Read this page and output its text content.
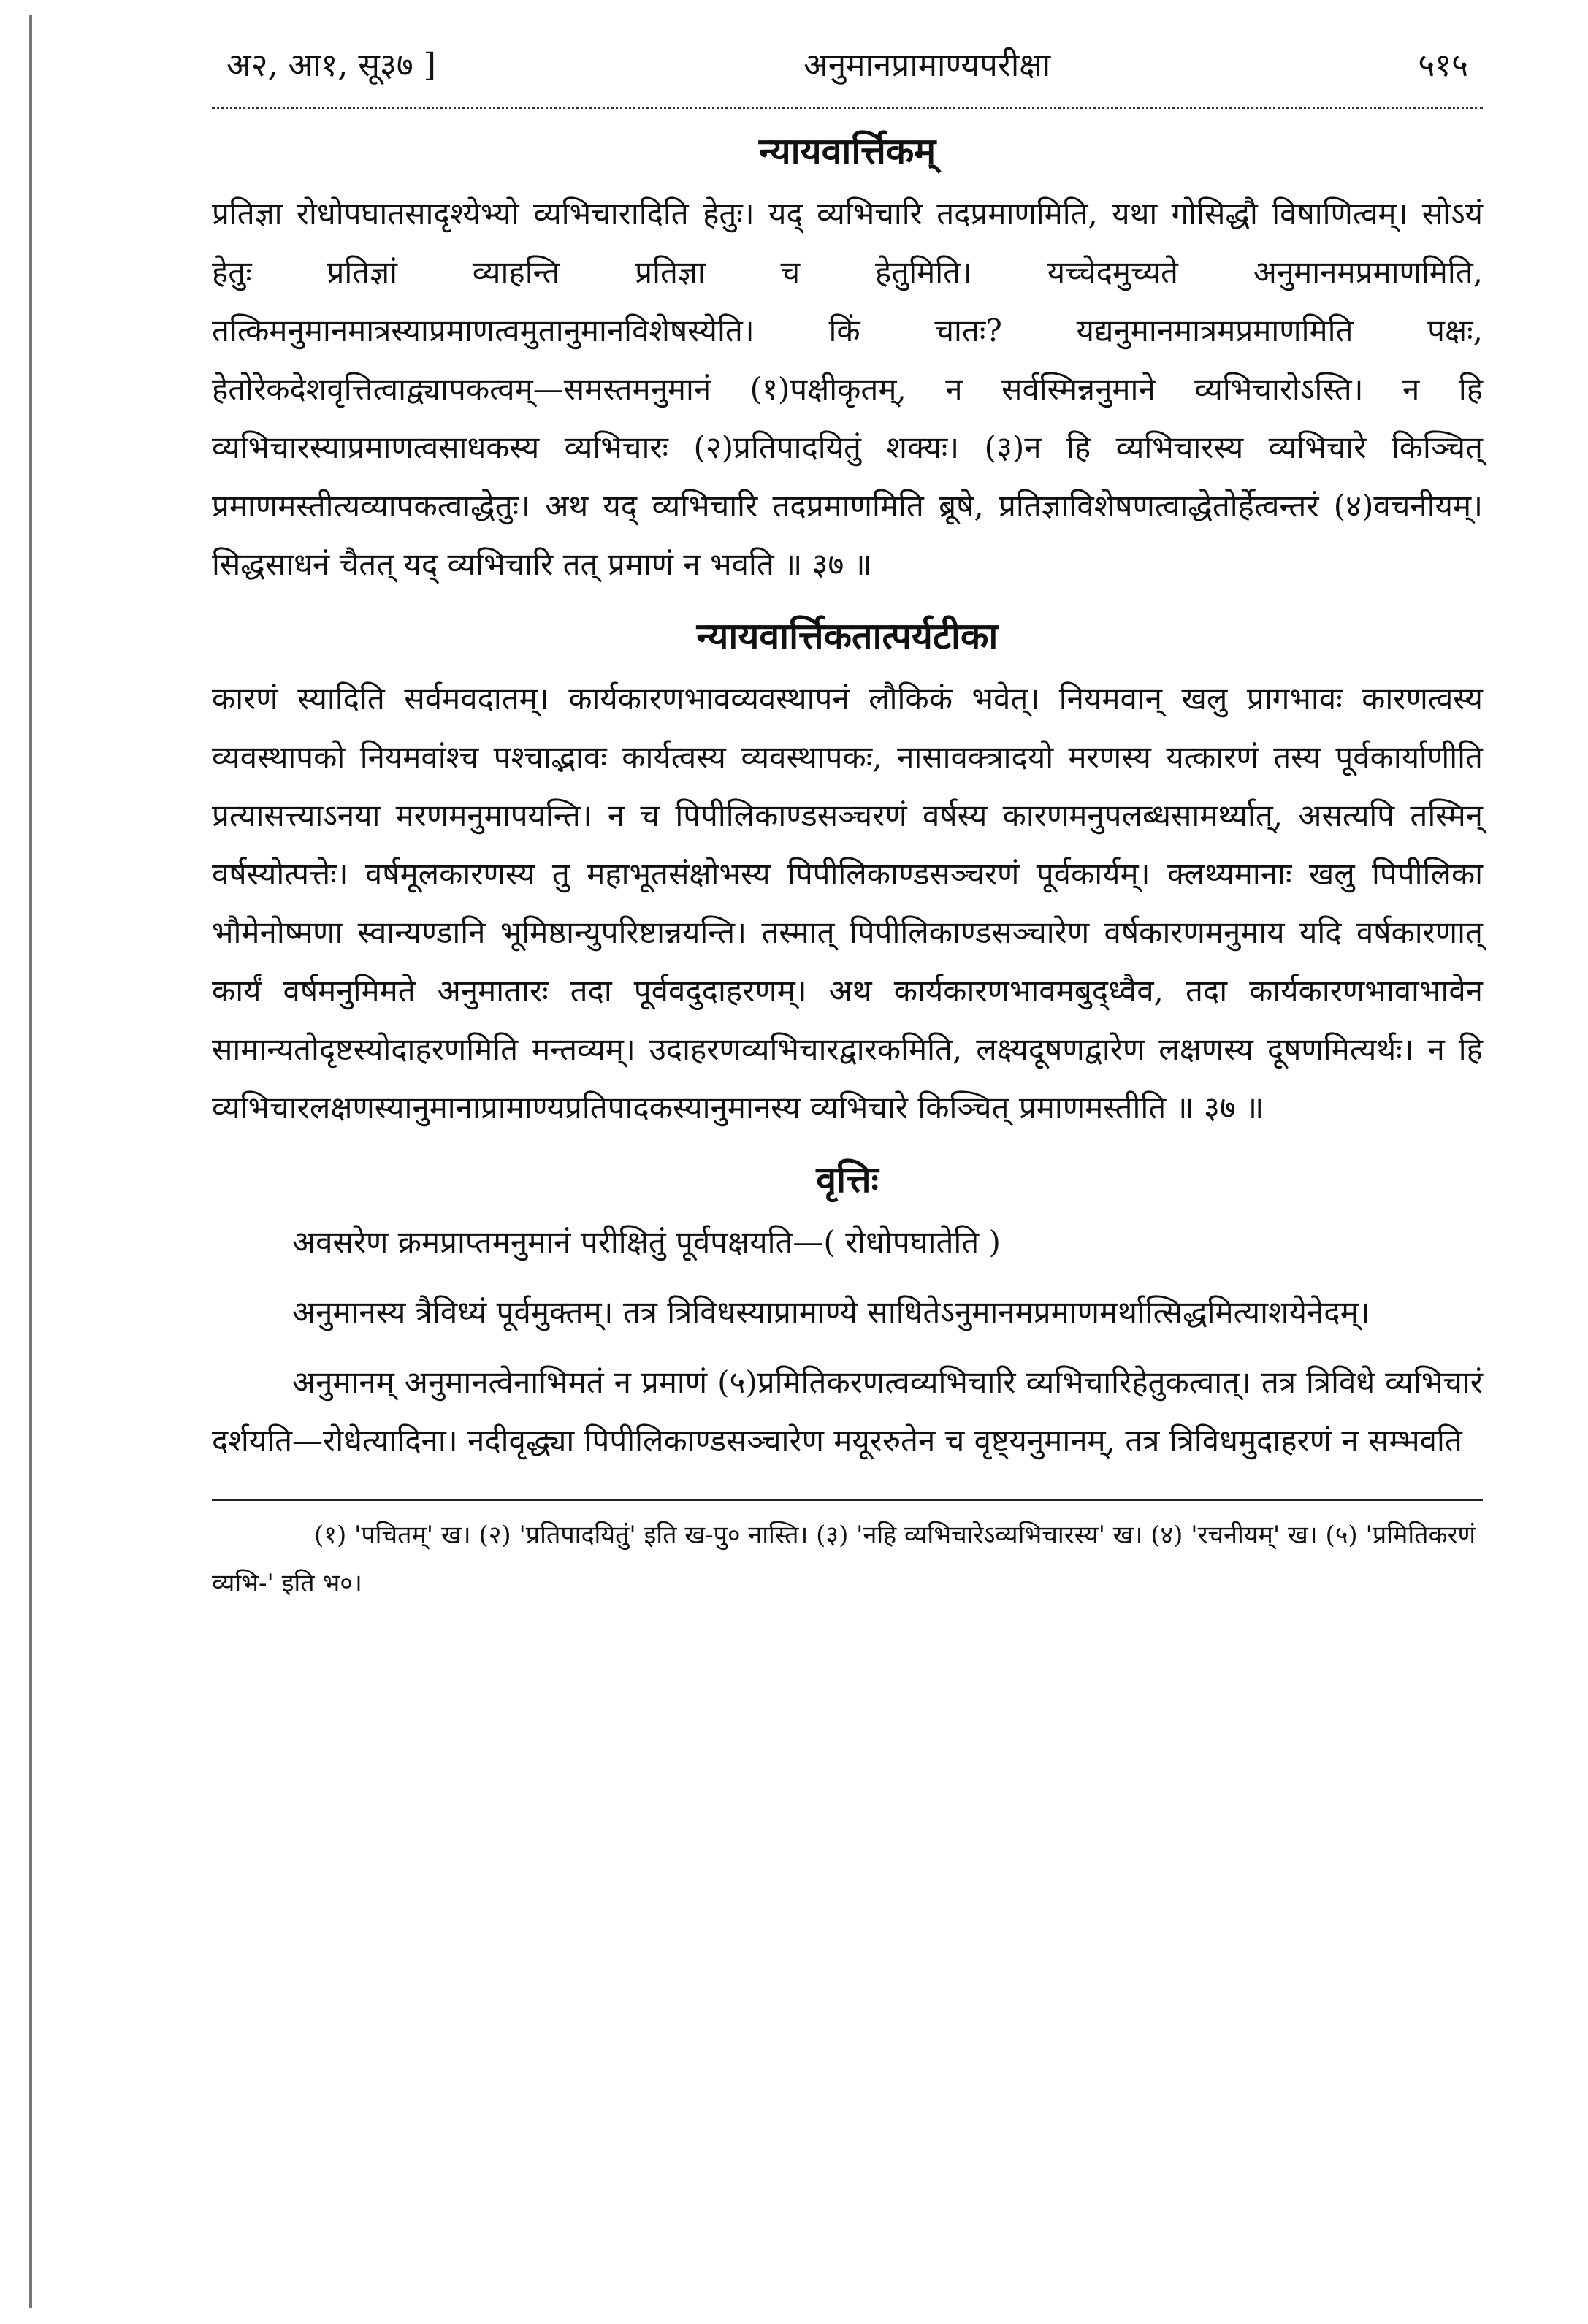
अ२, आ१, सू३७ ]	अनुमानप्रामाण्यपरीक्षा	५१५
न्यायवार्त्तिकम्

प्रतिज्ञा रोधोपघातसादृश्येभ्यो व्यभिचारादिति हेतुः। यद् व्यभिचारि तदप्रमाणमिति, यथा गोसिद्धौ विषाणित्वम्। सोऽयं हेतुः प्रतिज्ञां व्याहन्ति प्रतिज्ञा च हेतुमिति। यच्चेदमुच्यते अनुमानमप्रमाणमिति, तत्किमनुमानमात्रस्याप्रमाणत्वमुतानुमानविशेषस्येति। किं चातः? यद्यनुमानमात्रमप्रमाणमिति पक्षः, हेतोरेकदेशवृत्तित्वाद्व्यापकत्वम्—समस्तमनुमानं (१)पक्षीकृतम्, न सर्वस्मिन्ननुमाने व्यभिचारोऽस्ति। न हि व्यभिचारस्याप्रमाणत्वसाधकस्य व्यभिचारः (२)प्रतिपादयितुं शक्यः। (३)न हि व्यभिचारस्य व्यभिचारे किञ्चित् प्रमाणमस्तीत्यव्यापकत्वाद्धेतुः। अथ यद् व्यभिचारि तदप्रमाणमिति ब्रूषे, प्रतिज्ञाविशेषणत्वाद्धेतोर्हेत्वन्तरं (४)वचनीयम्। सिद्धसाधनं चैतत् यद् व्यभिचारि तत् प्रमाणं न भवति ॥ ३७ ॥

न्यायवार्त्तिकतात्पर्यटीका

कारणं स्यादिति सर्वमवदातम्। कार्यकारणभावव्यवस्थापनं लौकिकं भवेत्। नियमवान् खलु प्रागभावः कारणत्वस्य व्यवस्थापको नियमवांश्च पश्चाद्भावः कार्यत्वस्य व्यवस्थापकः, नासावक्त्रादयो मरणस्य यत्कारणं तस्य पूर्वकार्याणीति प्रत्यासत्त्याऽनया मरणमनुमापयन्ति। न च पिपीलिकाण्डसञ्चरणं वर्षस्य कारणमनुपलब्धसामर्थ्यात्, असत्यपि तस्मिन् वर्षस्योत्पत्तेः। वर्षमूलकारणस्य तु महाभूतसंक्षोभस्य पिपीलिकाण्डसञ्चरणं पूर्वकार्यम्। क्लथ्यमानाः खलु पिपीलिका भौमेनोष्मणा स्वान्यण्डानि भूमिष्ठान्युपरिष्टान्नयन्ति। तस्मात् पिपीलिकाण्डसञ्चारेण वर्षकारणमनुमाय यदि वर्षकारणात् कार्यं वर्षमनुमिमते अनुमातारः तदा पूर्ववदुदाहरणम्। अथ कार्यकारणभावमबुद्ध्वैव, तदा कार्यकारणभावाभावेन सामान्यतोदृष्टस्योदाहरणमिति मन्तव्यम्। उदाहरणव्यभिचारद्वारकमिति, लक्ष्यदूषणद्वारेण लक्षणस्य दूषणमित्यर्थः। न हि व्यभिचारलक्षणस्यानुमानाप्रामाण्यप्रतिपादकस्यानुमानस्य व्यभिचारे किञ्चित् प्रमाणमस्तीति ॥ ३७ ॥

वृत्तिः

अवसरेण क्रमप्राप्तमनुमानं परीक्षितुं पूर्वपक्षयति—( रोधोपघातेति )

अनुमानस्य त्रैविध्यं पूर्वमुक्तम्। तत्र त्रिविधस्याप्रामाण्ये साधितेऽनुमानमप्रमाणमर्थात्सिद्धमित्याशयेनेदम्।

अनुमानम् अनुमानत्वेनाभिमतं न प्रमाणं (५)प्रमितिकरणत्वव्यभिचारि व्यभिचारिहेतुकत्वात्। तत्र त्रिविधे व्यभिचारं दर्शयति—रोधेत्यादिना। नदीवृद्ध्या पिपीलिकाण्डसञ्चारेण मयूररुतेन च वृष्ट्यनुमानम्, तत्र त्रिविधमुदाहरणं न सम्भवति

(१) 'पचितम्' ख। (२) 'प्रतिपादयितुं' इति ख-पु० नास्ति। (३) 'नहि व्यभिचारेऽव्यभिचारस्य' ख। (४) 'रचनीयम्' ख। (५) 'प्रमितिकरणं व्यभि-' इति भ०।
